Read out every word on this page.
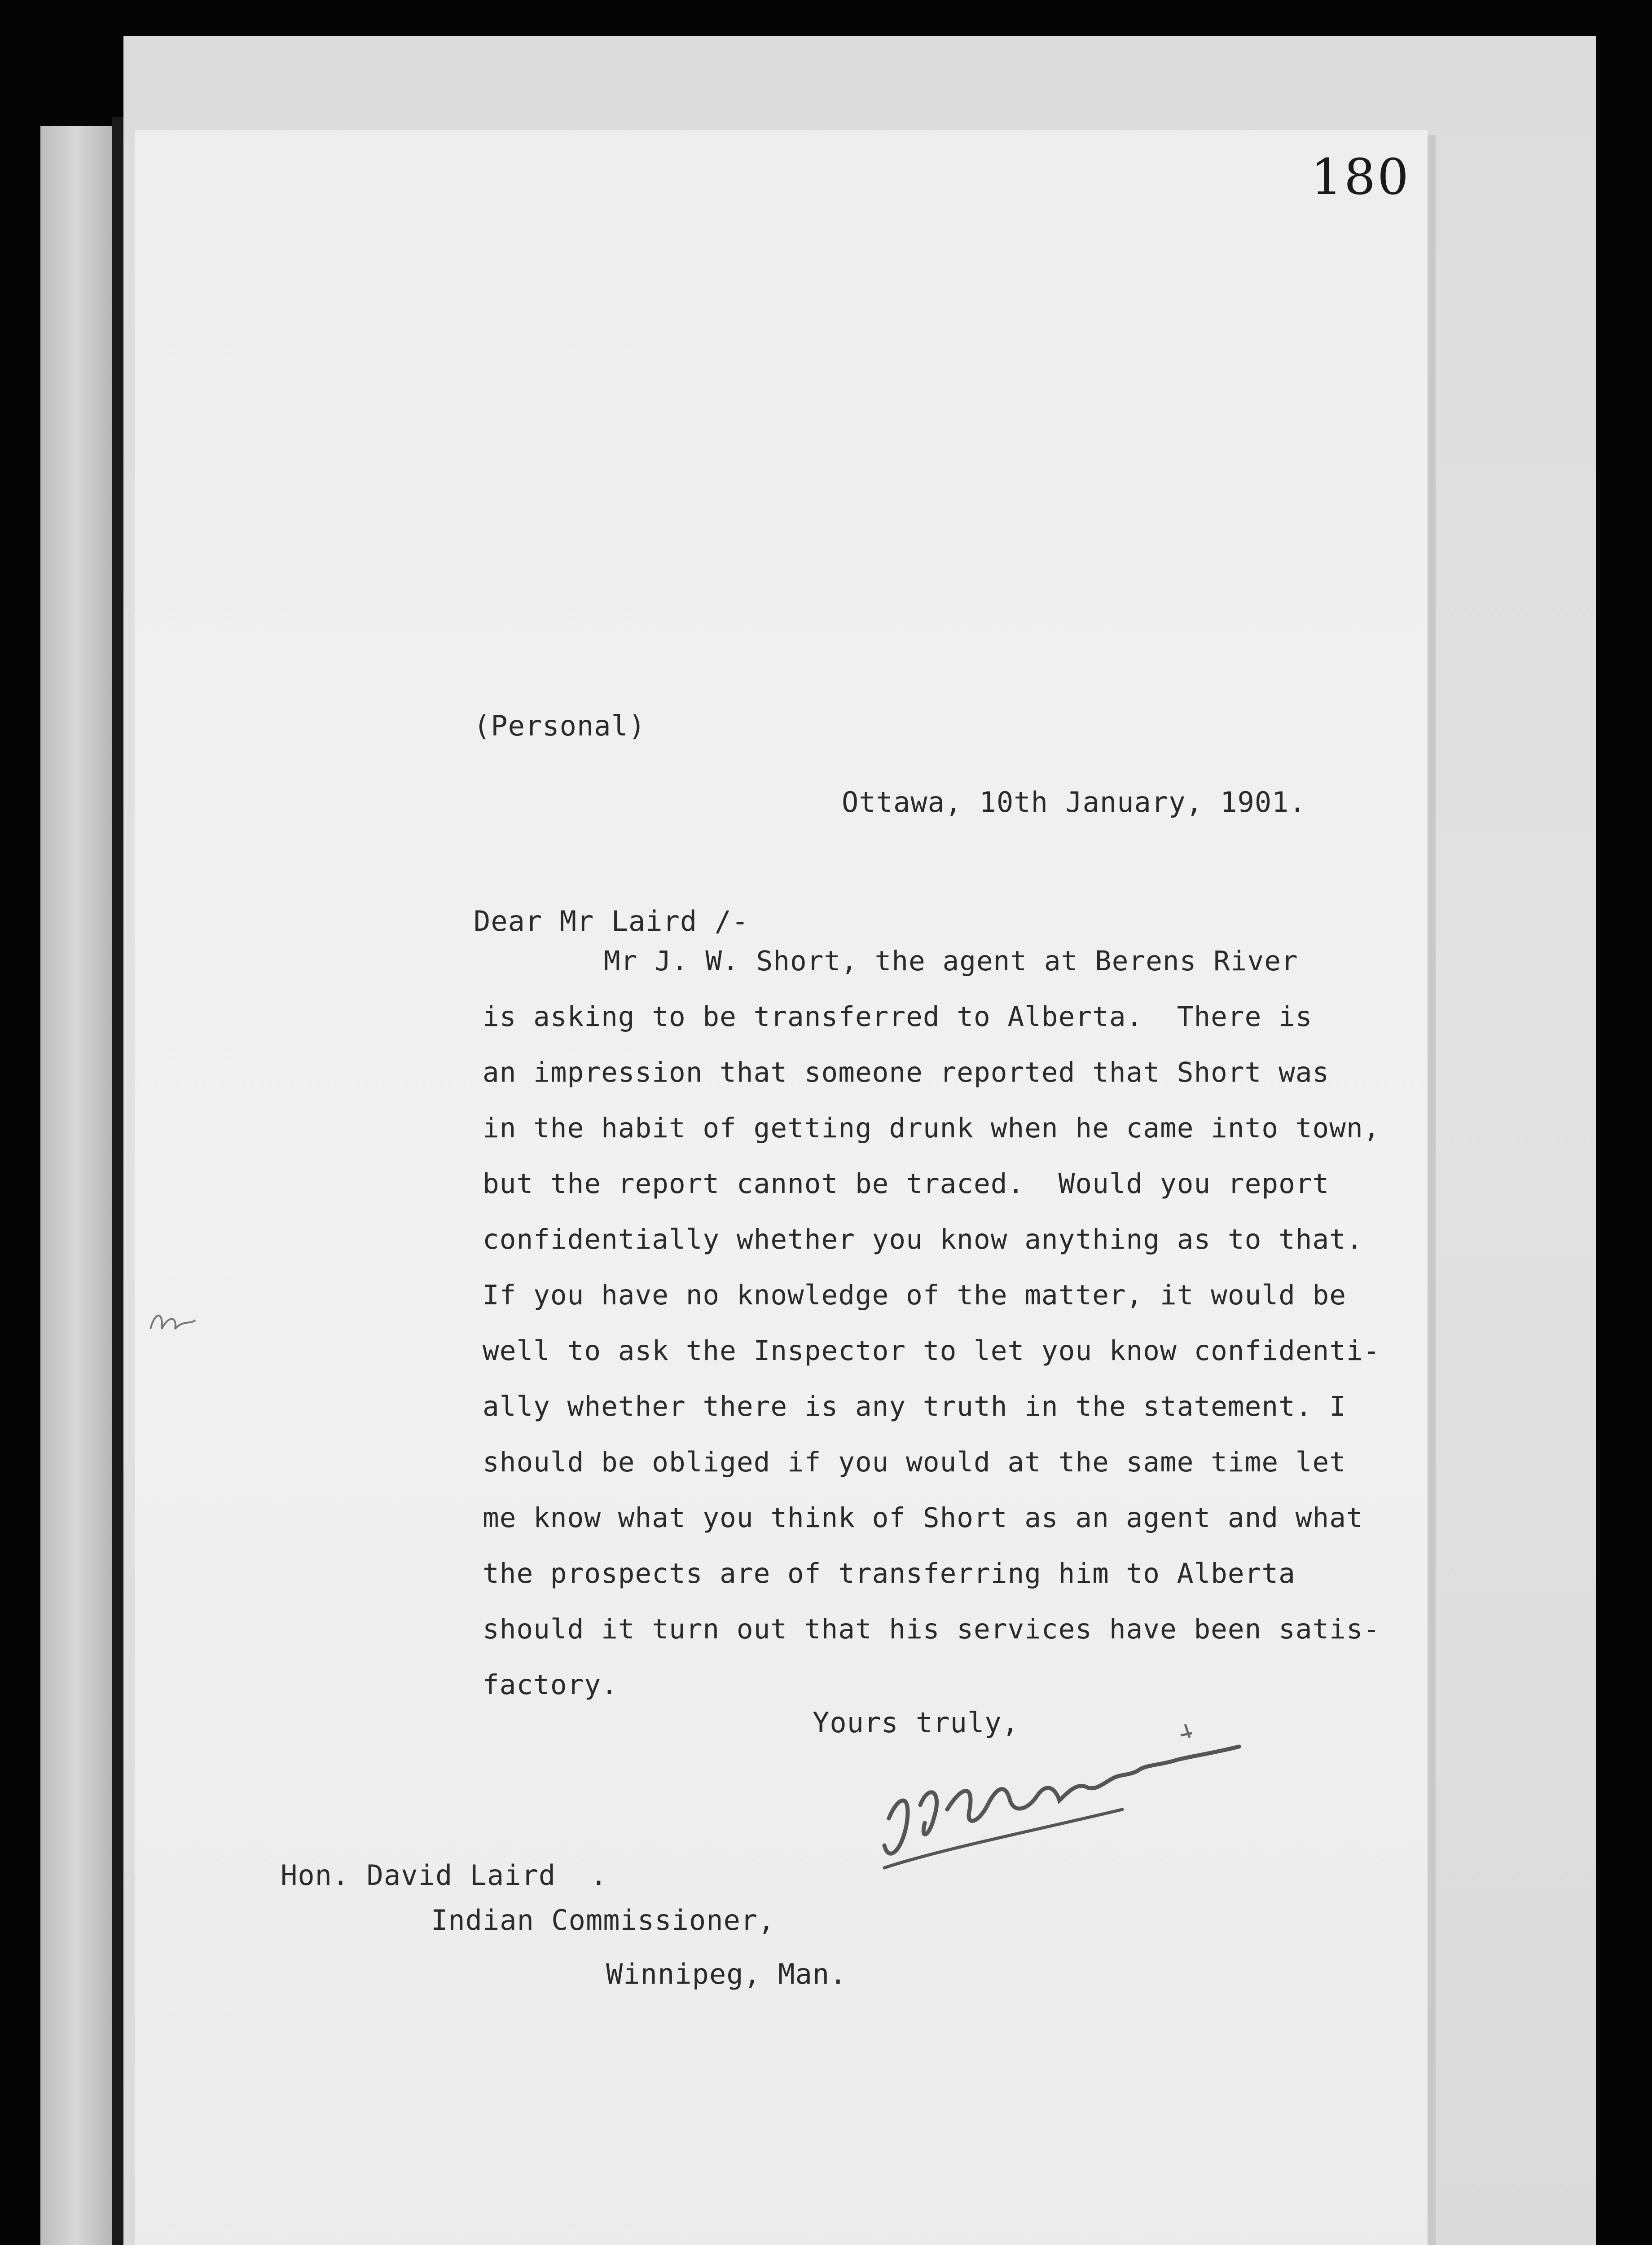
180
(Personal)
Ottawa, 10th January, 1901.
Dear Mr Laird /-
Mr J. W. Short, the agent at Berens River
is asking to be transferred to Alberta.  There is
an impression that someone reported that Short was
in the habit of getting drunk when he came into town,
but the report cannot be traced.  Would you report
confidentially whether you know anything as to that.
If you have no knowledge of the matter, it would be
well to ask the Inspector to let you know confidenti-
ally whether there is any truth in the statement. I
should be obliged if you would at the same time let
me know what you think of Short as an agent and what
the prospects are of transferring him to Alberta
should it turn out that his services have been satis-
factory.
Yours truly,
Hon. David Laird  .
Indian Commissioner,
Winnipeg, Man.
